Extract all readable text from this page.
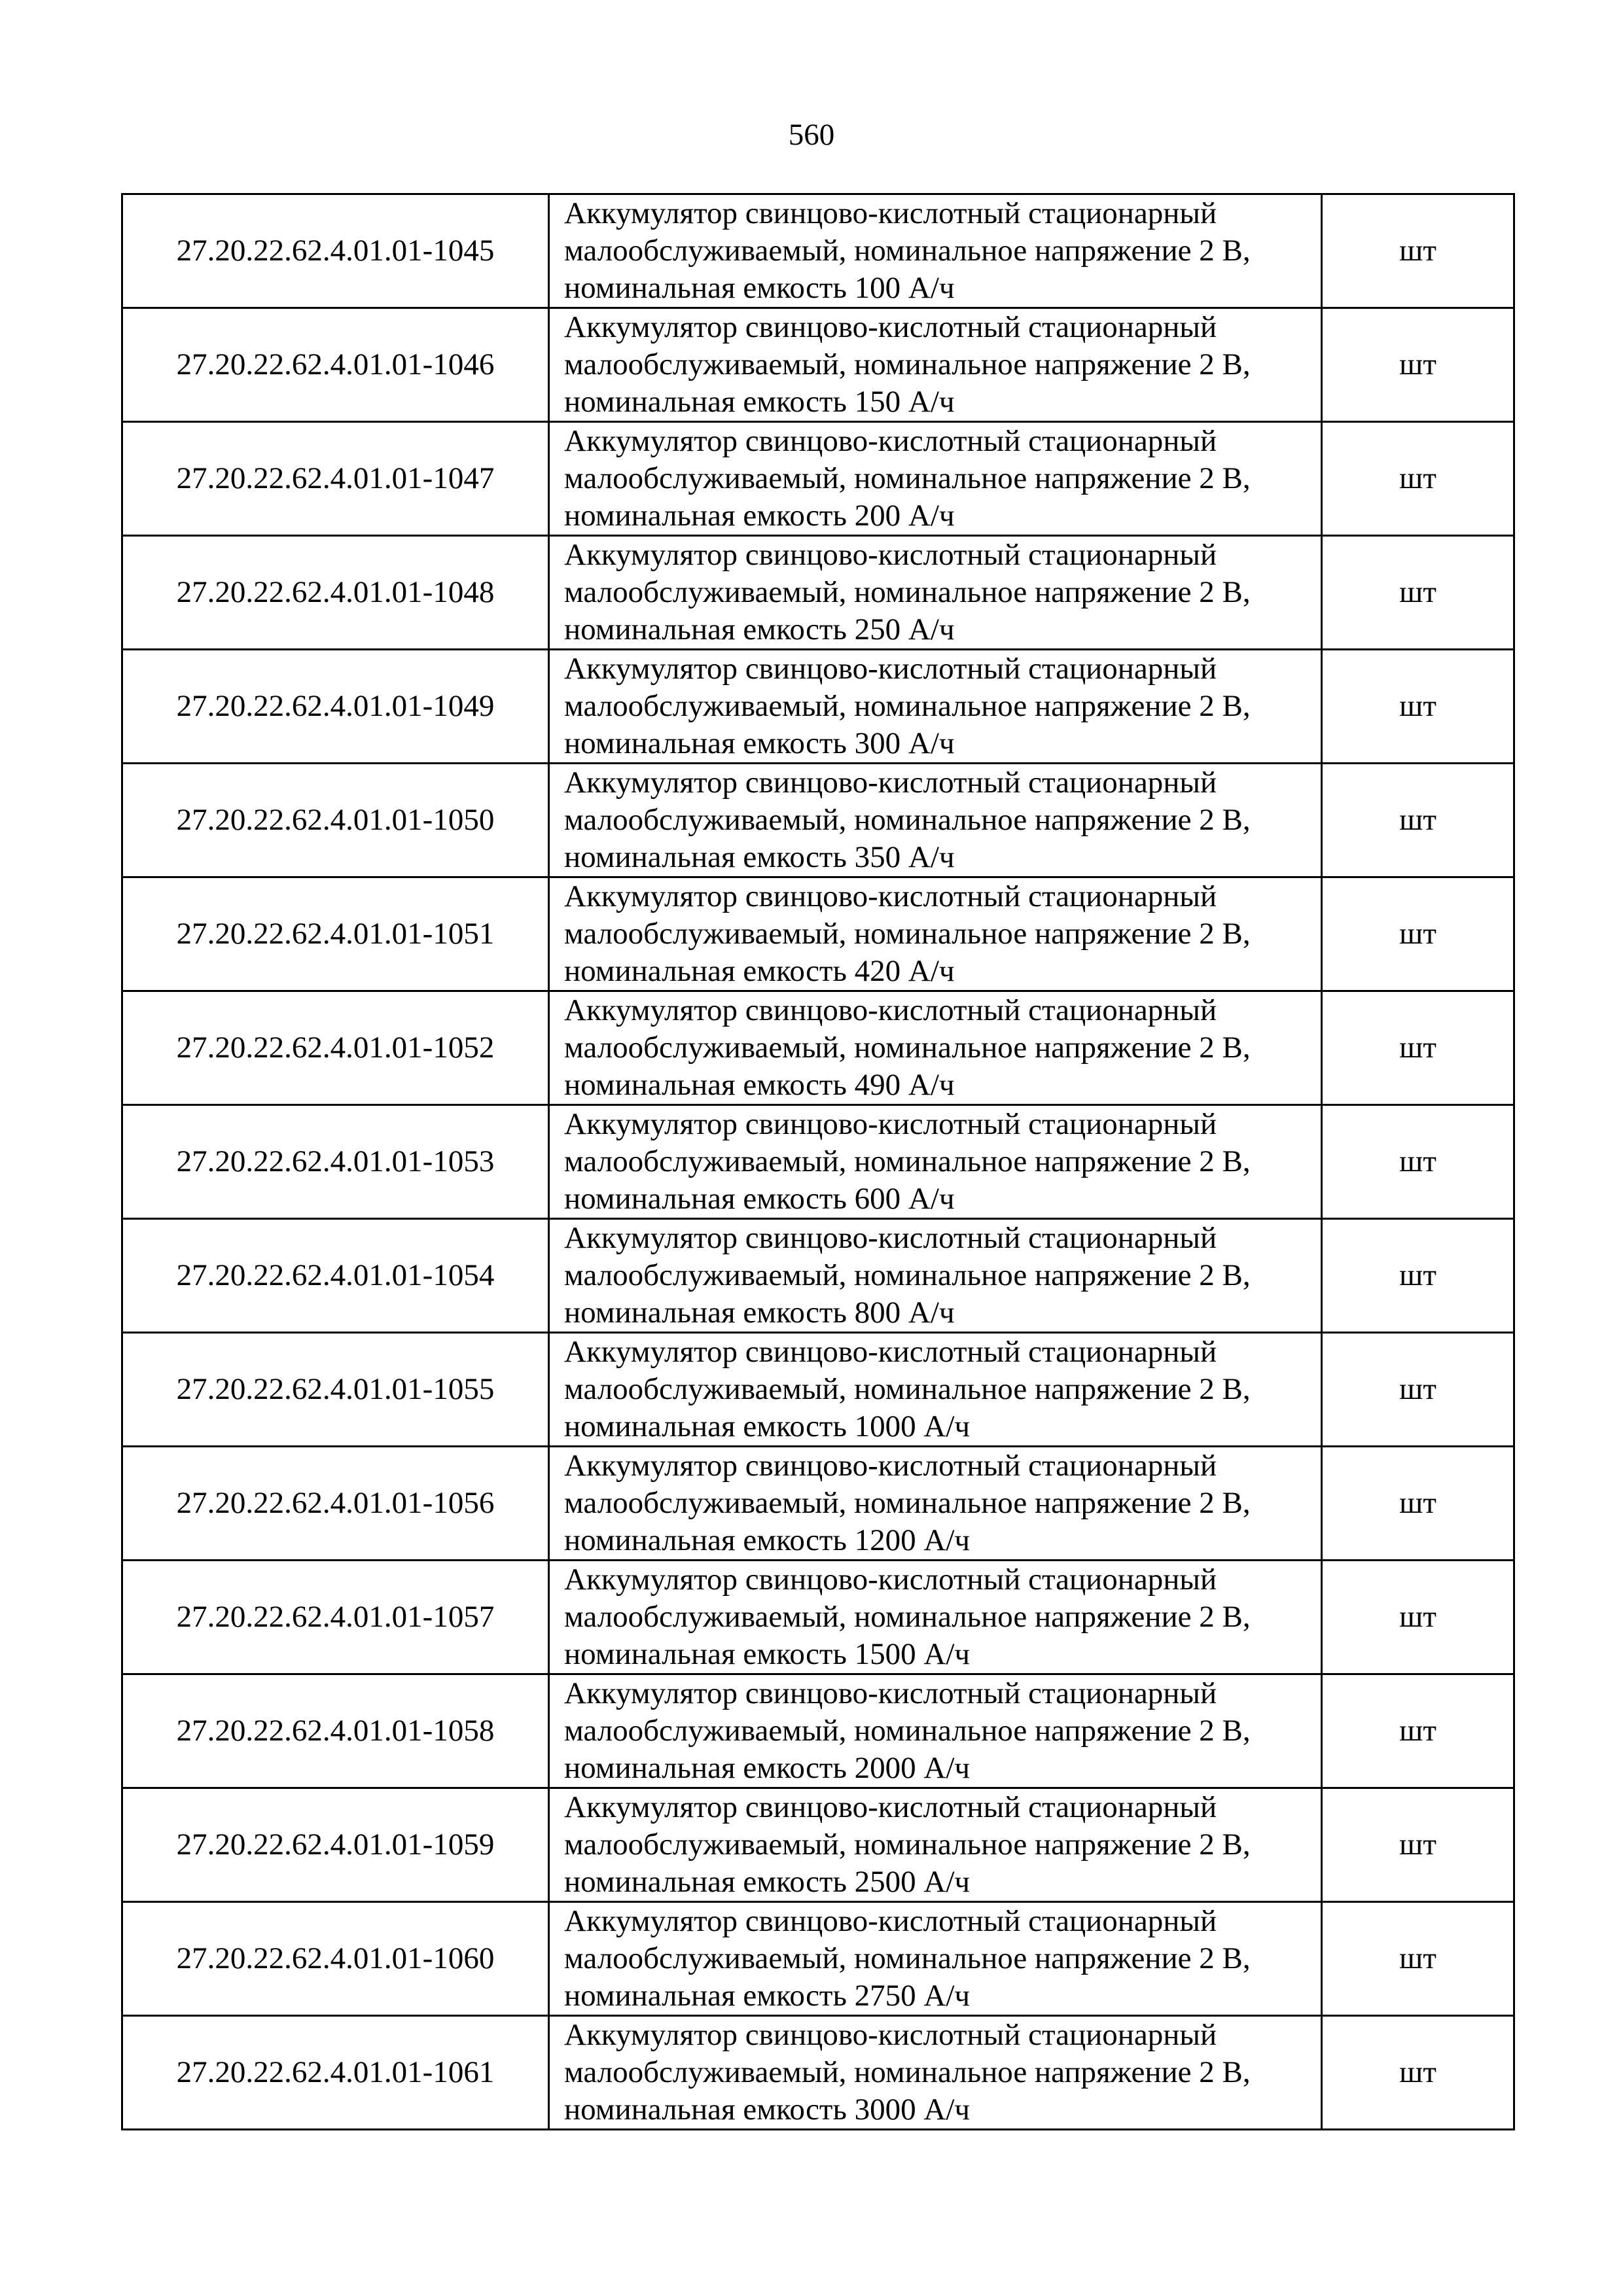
560
27.20.22.62.4.01.01-1045	Аккумулятор свинцово-кислотный стационарный
малообслуживаемый, номинальное напряжение 2 В,
номинальная емкость 100 А/ч	шт
27.20.22.62.4.01.01-1046	Аккумулятор свинцово-кислотный стационарный
малообслуживаемый, номинальное напряжение 2 В,
номинальная емкость 150 А/ч	шт
27.20.22.62.4.01.01-1047	Аккумулятор свинцово-кислотный стационарный
малообслуживаемый, номинальное напряжение 2 В,
номинальная емкость 200 А/ч	шт
27.20.22.62.4.01.01-1048	Аккумулятор свинцово-кислотный стационарный
малообслуживаемый, номинальное напряжение 2 В,
номинальная емкость 250 А/ч	шт
27.20.22.62.4.01.01-1049	Аккумулятор свинцово-кислотный стационарный
малообслуживаемый, номинальное напряжение 2 В,
номинальная емкость 300 А/ч	шт
27.20.22.62.4.01.01-1050	Аккумулятор свинцово-кислотный стационарный
малообслуживаемый, номинальное напряжение 2 В,
номинальная емкость 350 А/ч	шт
27.20.22.62.4.01.01-1051	Аккумулятор свинцово-кислотный стационарный
малообслуживаемый, номинальное напряжение 2 В,
номинальная емкость 420 А/ч	шт
27.20.22.62.4.01.01-1052	Аккумулятор свинцово-кислотный стационарный
малообслуживаемый, номинальное напряжение 2 В,
номинальная емкость 490 А/ч	шт
27.20.22.62.4.01.01-1053	Аккумулятор свинцово-кислотный стационарный
малообслуживаемый, номинальное напряжение 2 В,
номинальная емкость 600 А/ч	шт
27.20.22.62.4.01.01-1054	Аккумулятор свинцово-кислотный стационарный
малообслуживаемый, номинальное напряжение 2 В,
номинальная емкость 800 А/ч	шт
27.20.22.62.4.01.01-1055	Аккумулятор свинцово-кислотный стационарный
малообслуживаемый, номинальное напряжение 2 В,
номинальная емкость 1000 А/ч	шт
27.20.22.62.4.01.01-1056	Аккумулятор свинцово-кислотный стационарный
малообслуживаемый, номинальное напряжение 2 В,
номинальная емкость 1200 А/ч	шт
27.20.22.62.4.01.01-1057	Аккумулятор свинцово-кислотный стационарный
малообслуживаемый, номинальное напряжение 2 В,
номинальная емкость 1500 А/ч	шт
27.20.22.62.4.01.01-1058	Аккумулятор свинцово-кислотный стационарный
малообслуживаемый, номинальное напряжение 2 В,
номинальная емкость 2000 А/ч	шт
27.20.22.62.4.01.01-1059	Аккумулятор свинцово-кислотный стационарный
малообслуживаемый, номинальное напряжение 2 В,
номинальная емкость 2500 А/ч	шт
27.20.22.62.4.01.01-1060	Аккумулятор свинцово-кислотный стационарный
малообслуживаемый, номинальное напряжение 2 В,
номинальная емкость 2750 А/ч	шт
27.20.22.62.4.01.01-1061	Аккумулятор свинцово-кислотный стационарный
малообслуживаемый, номинальное напряжение 2 В,
номинальная емкость 3000 А/ч	шт
